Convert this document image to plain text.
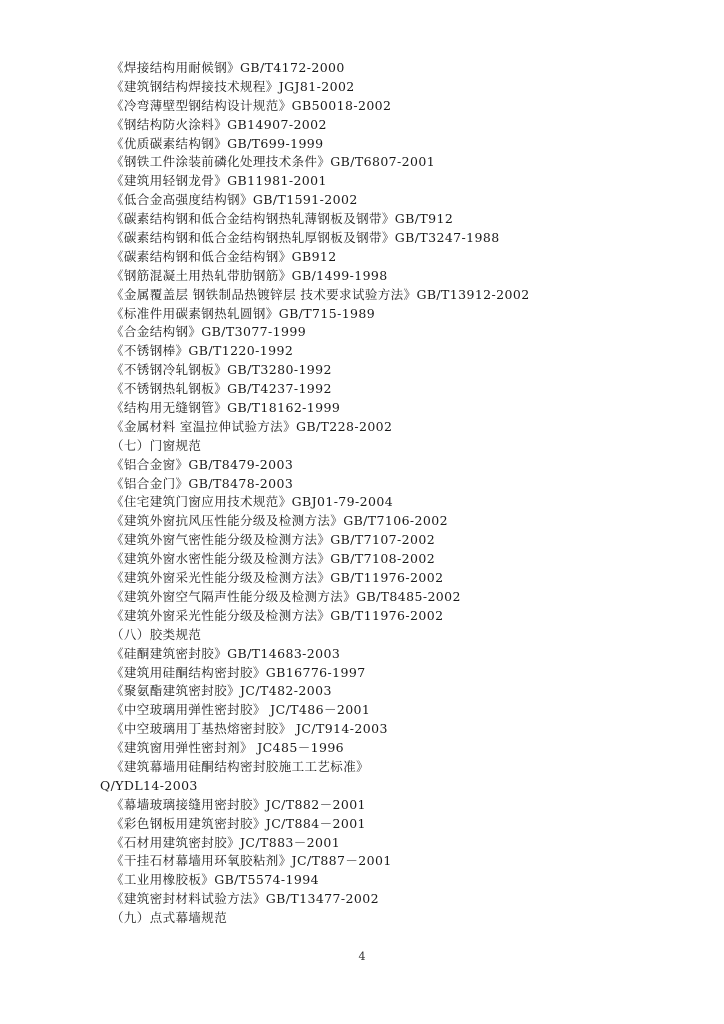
《焊接结构用耐候钢》GB/T4172-2000
《建筑钢结构焊接技术规程》JGJ81-2002
《冷弯薄壁型钢结构设计规范》GB50018-2002
《钢结构防火涂料》GB14907-2002
《优质碳素结构钢》GB/T699-1999
《钢铁工件涂装前磷化处理技术条件》GB/T6807-2001
《建筑用轻钢龙骨》GB11981-2001
《低合金高强度结构钢》GB/T1591-2002
《碳素结构钢和低合金结构钢热轧薄钢板及钢带》GB/T912
《碳素结构钢和低合金结构钢热轧厚钢板及钢带》GB/T3247-1988
《碳素结构钢和低合金结构钢》GB912
《钢筋混凝土用热轧带肋钢筋》GB/1499-1998
《金属覆盖层 钢铁制品热镀锌层 技术要求试验方法》GB/T13912-2002
《标准件用碳素钢热轧圆钢》GB/T715-1989
《合金结构钢》GB/T3077-1999
《不锈钢棒》GB/T1220-1992
《不锈钢冷轧钢板》GB/T3280-1992
《不锈钢热轧钢板》GB/T4237-1992
《结构用无缝钢管》GB/T18162-1999
《金属材料 室温拉伸试验方法》GB/T228-2002
（七）门窗规范
《铝合金窗》GB/T8479-2003
《铝合金门》GB/T8478-2003
《住宅建筑门窗应用技术规范》GBJ01-79-2004
《建筑外窗抗风压性能分级及检测方法》GB/T7106-2002
《建筑外窗气密性能分级及检测方法》GB/T7107-2002
《建筑外窗水密性能分级及检测方法》GB/T7108-2002
《建筑外窗采光性能分级及检测方法》GB/T11976-2002
《建筑外窗空气隔声性能分级及检测方法》GB/T8485-2002
《建筑外窗采光性能分级及检测方法》GB/T11976-2002
（八）胶类规范
《硅酮建筑密封胶》GB/T14683-2003
《建筑用硅酮结构密封胶》GB16776-1997
《聚氨酯建筑密封胶》JC/T482-2003
《中空玻璃用弹性密封胶》 JC/T486－2001
《中空玻璃用丁基热熔密封胶》 JC/T914-2003
《建筑窗用弹性密封剂》 JC485－1996
《建筑幕墙用硅酮结构密封胶施工工艺标准》
Q/YDL14-2003
《幕墙玻璃接缝用密封胶》JC/T882－2001
《彩色钢板用建筑密封胶》JC/T884－2001
《石材用建筑密封胶》JC/T883－2001
《干挂石材幕墙用环氧胶粘剂》JC/T887－2001
《工业用橡胶板》GB/T5574-1994
《建筑密封材料试验方法》GB/T13477-2002
（九）点式幕墙规范
4
